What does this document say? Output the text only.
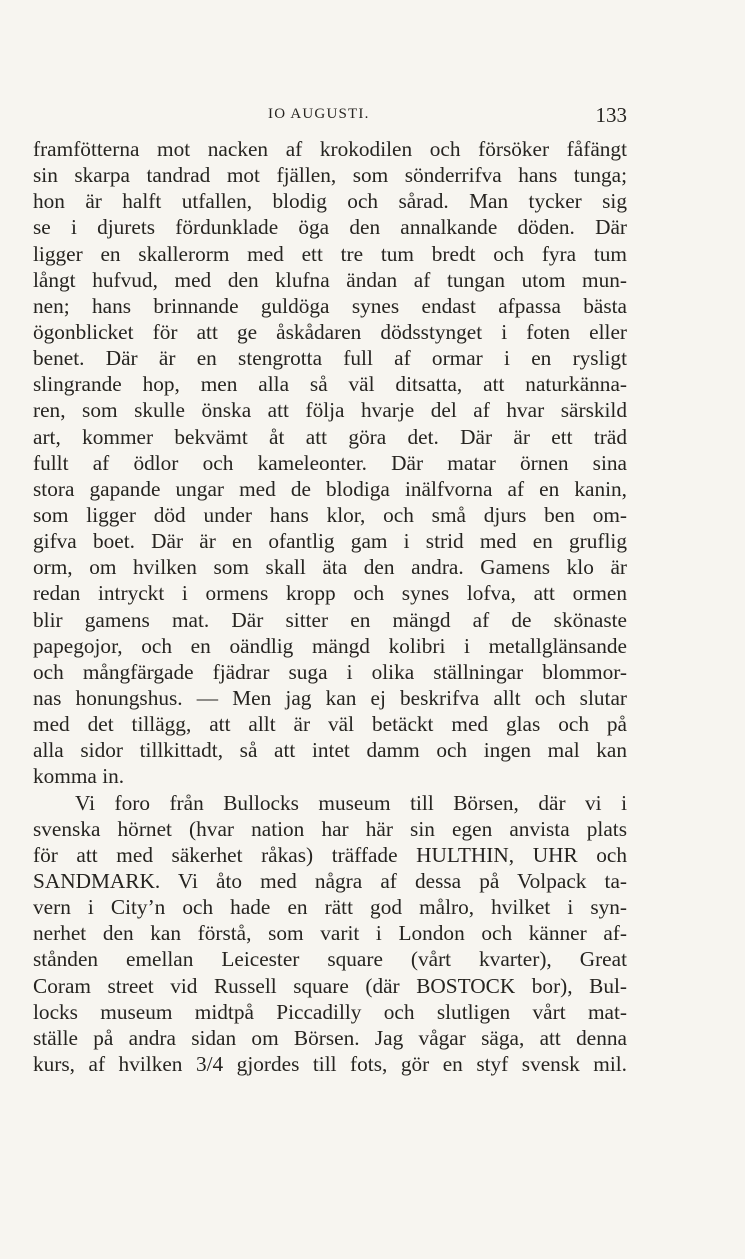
IO AUGUSTI.	133
framfötterna mot nacken af krokodilen och försöker fåfängt
sin skarpa tandrad mot fjällen, som sönderrifva hans tunga;
hon är halft utfallen, blodig och sårad. Man tycker sig
se i djurets fördunklade öga den annalkande döden. Där
ligger en skallerorm med ett tre tum bredt och fyra tum
långt hufvud, med den klufna ändan af tungan utom mun-
nen; hans brinnande guldöga synes endast afpassa bästa
ögonblicket för att ge åskådaren dödsstynget i foten eller
benet. Där är en stengrotta full af ormar i en rysligt
slingrande hop, men alla så väl ditsatta, att naturkänna-
ren, som skulle önska att följa hvarje del af hvar särskild
art, kommer bekvämt åt att göra det. Där är ett träd
fullt af ödlor och kameleonter. Där matar örnen sina
stora gapande ungar med de blodiga inälfvorna af en kanin,
som ligger död under hans klor, och små djurs ben om-
gifva boet. Där är en ofantlig gam i strid med en gruflig
orm, om hvilken som skall äta den andra. Gamens klo är
redan intryckt i ormens kropp och synes lofva, att ormen
blir gamens mat. Där sitter en mängd af de skönaste
papegojor, och en oändlig mängd kolibri i metallglänsande
och mångfärgade fjädrar suga i olika ställningar blommor-
nas honungshus. — Men jag kan ej beskrifva allt och slutar
med det tillägg, att allt är väl betäckt med glas och på
alla sidor tillkittadt, så att intet damm och ingen mal kan
komma in.
Vi foro från Bullocks museum till Börsen, där vi i
svenska hörnet (hvar nation har här sin egen anvista plats
för att med säkerhet råkas) träffade HULTHIN, UHR och
SANDMARK. Vi åto med några af dessa på Volpack ta-
vern i City’n och hade en rätt god målro, hvilket i syn-
nerhet den kan förstå, som varit i London och känner af-
stånden emellan Leicester square (vårt kvarter), Great
Coram street vid Russell square (där BOSTOCK bor), Bul-
locks museum midtpå Piccadilly och slutligen vårt mat-
ställe på andra sidan om Börsen. Jag vågar säga, att denna
kurs, af hvilken 3/4 gjordes till fots, gör en styf svensk mil.
